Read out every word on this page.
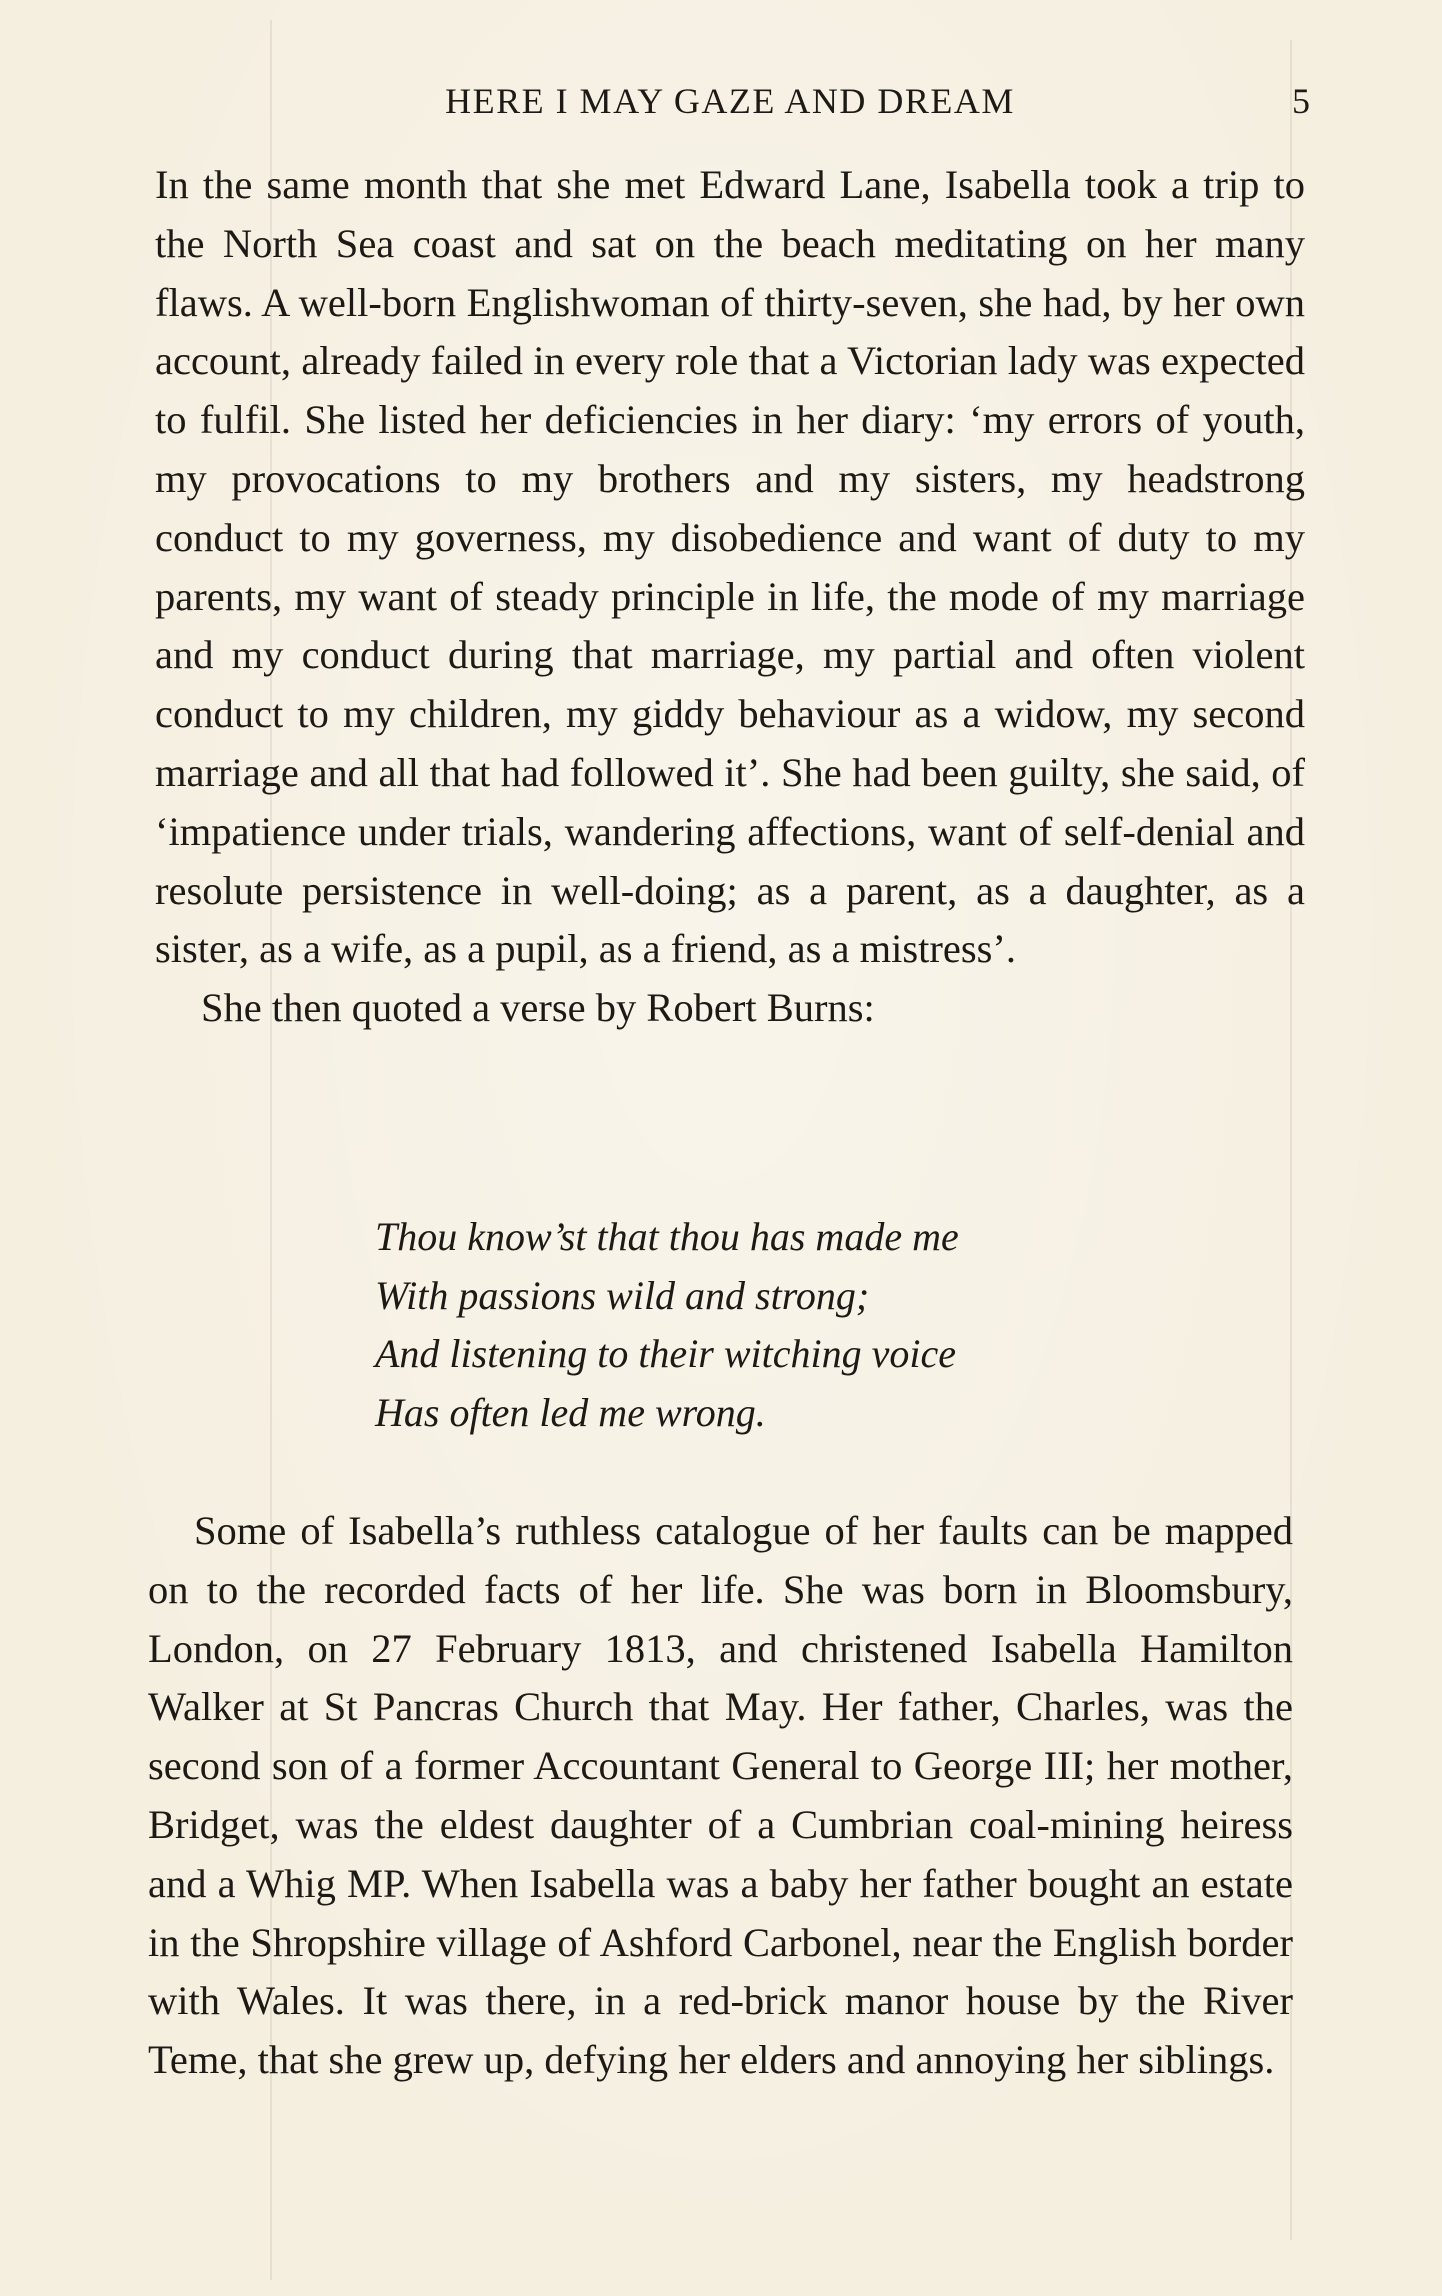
HERE I MAY GAZE AND DREAM	5

In the same month that she met Edward Lane, Isabella took a trip to the North Sea coast and sat on the beach meditating on her many flaws. A well-born Englishwoman of thirty-seven, she had, by her own account, already failed in every role that a Victorian lady was expected to fulfil. She listed her deficiencies in her diary: ‘my errors of youth, my provocations to my brothers and my sisters, my headstrong conduct to my governess, my disobedience and want of duty to my parents, my want of steady principle in life, the mode of my marriage and my conduct during that marriage, my partial and often violent conduct to my children, my giddy behaviour as a widow, my second marriage and all that had followed it’. She had been guilty, she said, of ‘impatience under trials, wandering affections, want of self-denial and resolute persistence in well-doing; as a parent, as a daughter, as a sister, as a wife, as a pupil, as a friend, as a mistress’.

She then quoted a verse by Robert Burns:

Thou know’st that thou has made me
With passions wild and strong;
And listening to their witching voice
Has often led me wrong.

Some of Isabella’s ruthless catalogue of her faults can be mapped on to the recorded facts of her life. She was born in Bloomsbury, London, on 27 February 1813, and christened Isabella Hamilton Walker at St Pancras Church that May. Her father, Charles, was the second son of a former Accountant General to George III; her mother, Bridget, was the eldest daughter of a Cumbrian coal-mining heiress and a Whig MP. When Isabella was a baby her father bought an estate in the Shropshire village of Ashford Carbonel, near the English border with Wales. It was there, in a red-brick manor house by the River Teme, that she grew up, defying her elders and annoying her siblings.
